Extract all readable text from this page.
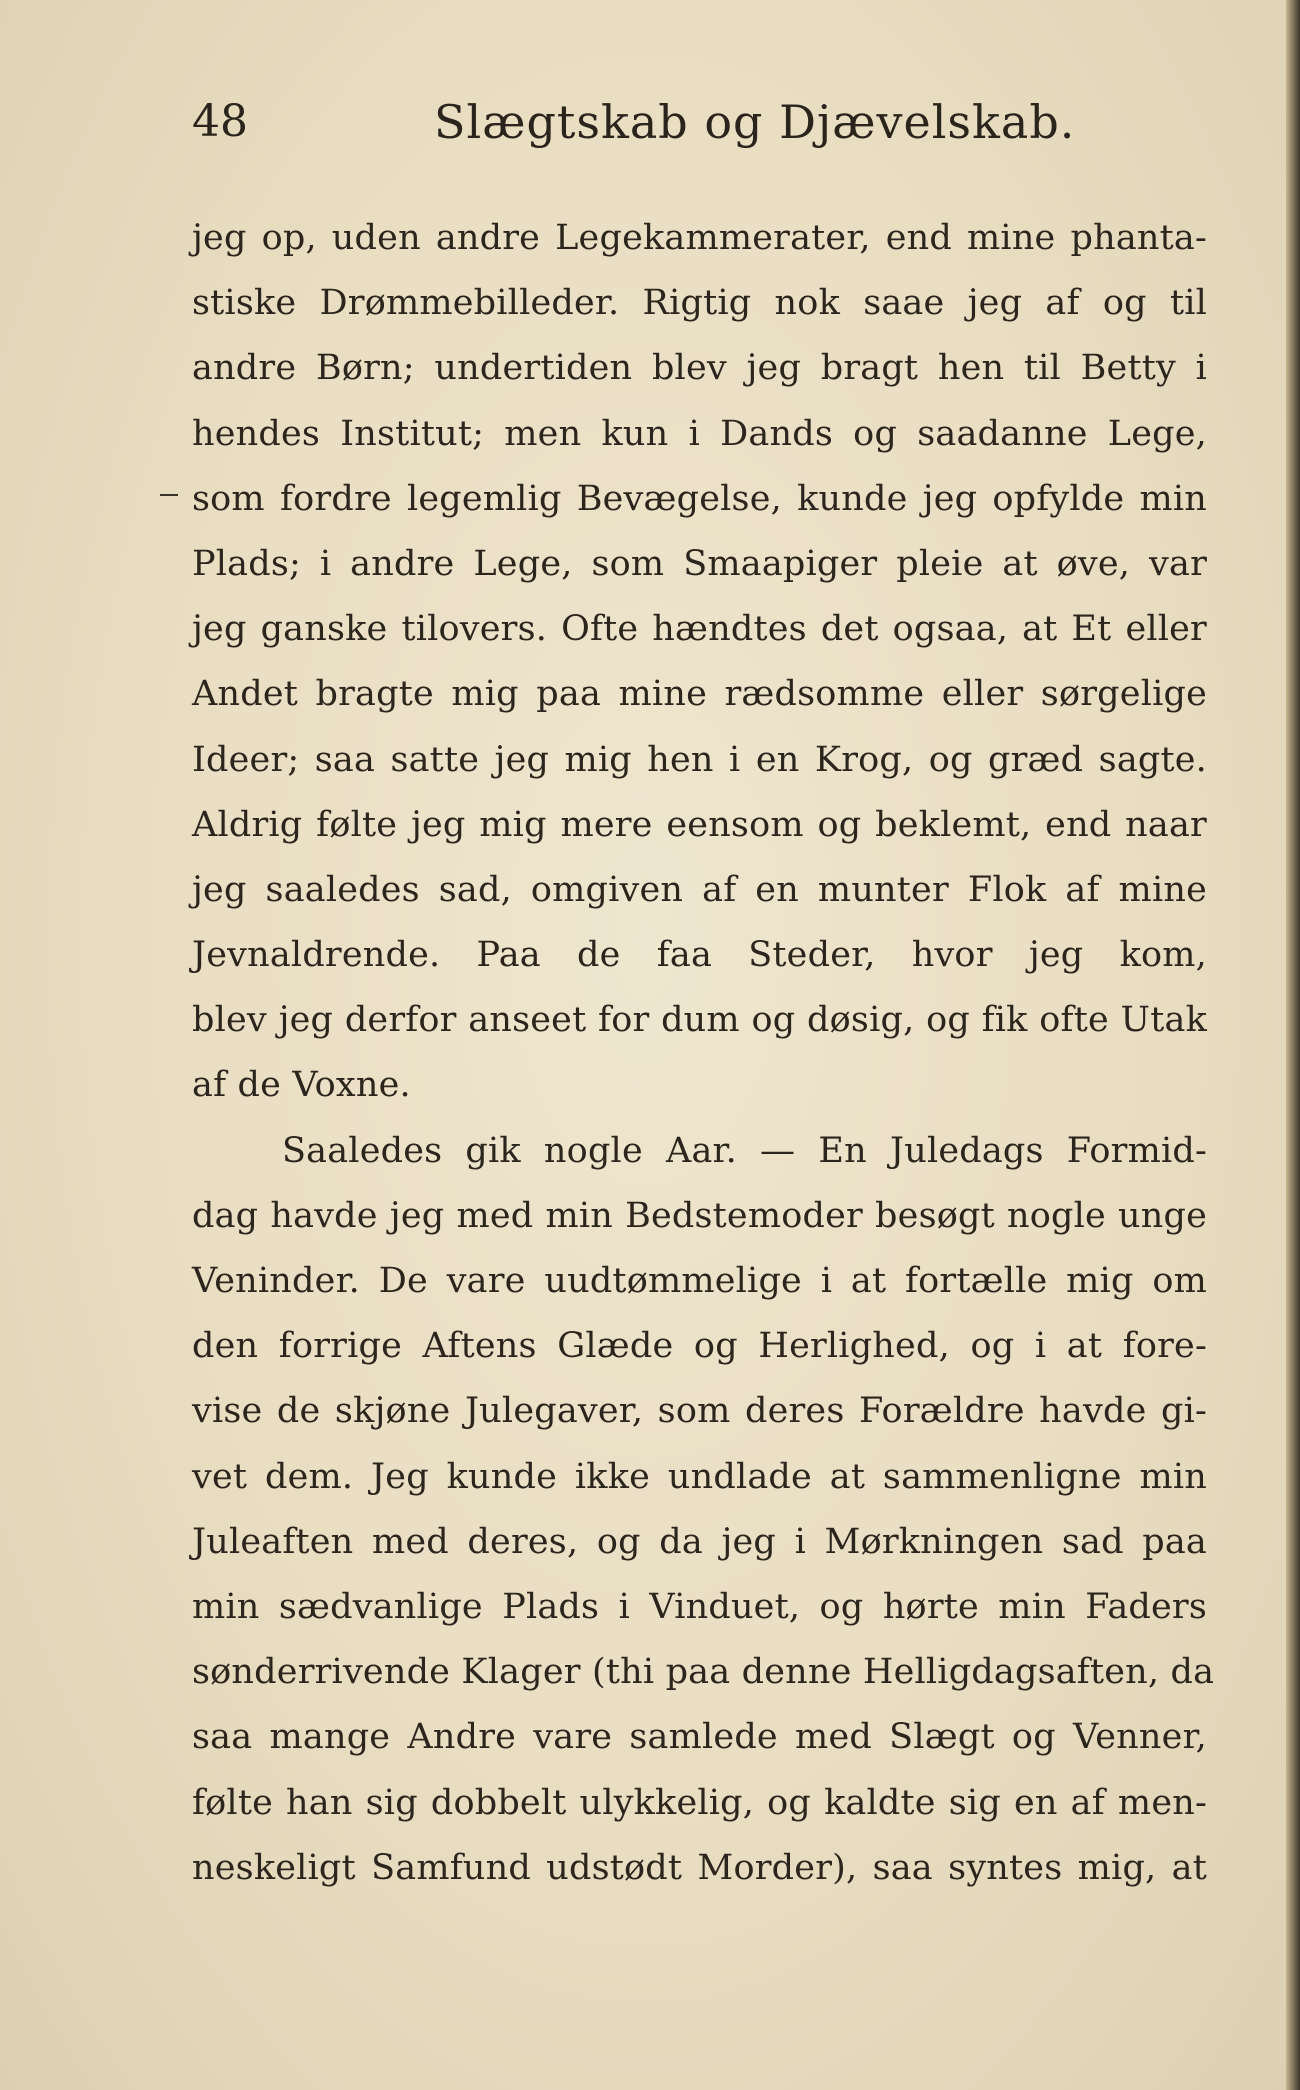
48	Slægtskab og Djævelskab.
jeg op, uden andre Legekammerater, end mine phanta-
stiske Drømmebilleder. Rigtig nok saae jeg af og til
andre Børn; undertiden blev jeg bragt hen til Betty i
hendes Institut; men kun i Dands og saadanne Lege,
som fordre legemlig Bevægelse, kunde jeg opfylde min
Plads; i andre Lege, som Smaapiger pleie at øve, var
jeg ganske tilovers. Ofte hændtes det ogsaa, at Et eller
Andet bragte mig paa mine rædsomme eller sørgelige
Ideer; saa satte jeg mig hen i en Krog, og græd sagte.
Aldrig følte jeg mig mere eensom og beklemt, end naar
jeg saaledes sad, omgiven af en munter Flok af mine
Jevnaldrende. Paa de faa Steder, hvor jeg kom,
blev jeg derfor anseet for dum og døsig, og fik ofte Utak
af de Voxne.
Saaledes gik nogle Aar. — En Juledags Formid-
dag havde jeg med min Bedstemoder besøgt nogle unge
Veninder. De vare uudtømmelige i at fortælle mig om
den forrige Aftens Glæde og Herlighed, og i at fore-
vise de skjøne Julegaver, som deres Forældre havde gi-
vet dem. Jeg kunde ikke undlade at sammenligne min
Juleaften med deres, og da jeg i Mørkningen sad paa
min sædvanlige Plads i Vinduet, og hørte min Faders
sønderrivende Klager (thi paa denne Helligdagsaften, da
saa mange Andre vare samlede med Slægt og Venner,
følte han sig dobbelt ulykkelig, og kaldte sig en af men-
neskeligt Samfund udstødt Morder), saa syntes mig, at
